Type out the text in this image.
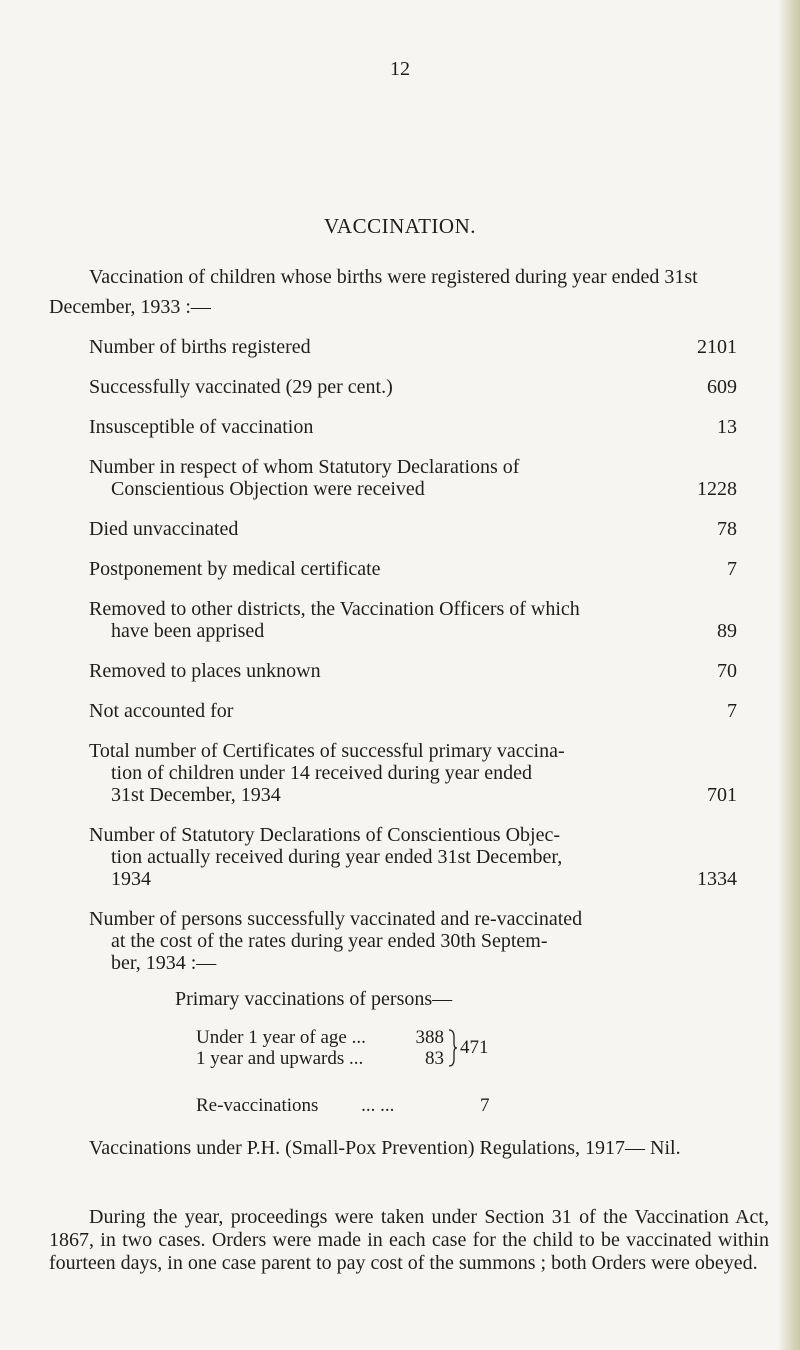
12
VACCINATION.

Vaccination of children whose births were registered during year ended 31st December, 1933 :—

Number of births registered	2101
Successfully vaccinated (29 per cent.)	609
Insusceptible of vaccination	13
Number in respect of whom Statutory Declarations of
Conscientious Objection were received	1228
Died unvaccinated	78
Postponement by medical certificate	7
Removed to other districts, the Vaccination Officers of which
have been apprised	89
Removed to places unknown	70
Not accounted for	7
Total number of Certificates of successful primary vaccina-
tion of children under 14 received during year ended
31st December, 1934	701
Number of Statutory Declarations of Conscientious Objec-
tion actually received during year ended 31st December,
1934	1334
Number of persons successfully vaccinated and re-vaccinated
at the cost of the rates during year ended 30th Septem-
ber, 1934 :—
Primary vaccinations of persons—
Under 1 year of age ...	388
1 year and upwards ...	83
471
Re-vaccinations ... ...	7

Vaccinations under P.H. (Small-Pox Prevention) Regulations, 1917— Nil.

During the year, proceedings were taken under Section 31 of the Vaccination Act, 1867, in two cases. Orders were made in each case for the child to be vaccinated within fourteen days, in one case parent to pay cost of the summons ; both Orders were obeyed.
